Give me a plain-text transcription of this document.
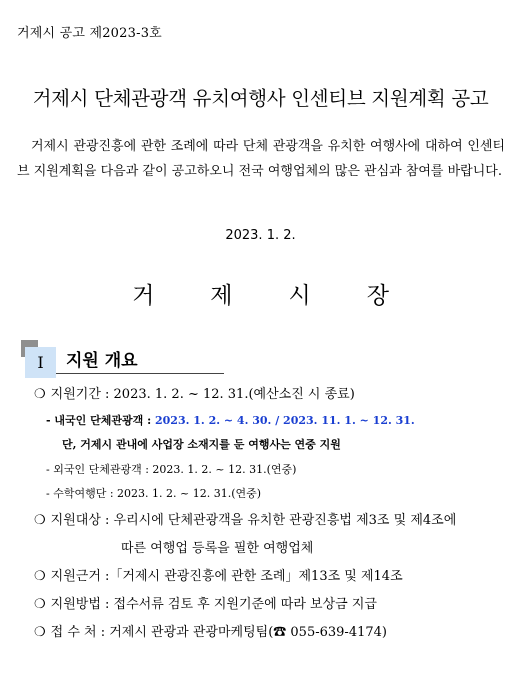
거제시 공고 제2023-3호
거제시 단체관광객 유치여행사 인센티브 지원계획 공고

거제시 관광진흥에 관한 조례에 따라 단체 관광객을 유치한 여행사에 대하여 인센티브 지원계획을 다음과 같이 공고하오니 전국 여행업체의 많은 관심과 참여를 바랍니다.

2023. 1. 2.
거제시장
I	지원 개요
❍ 지원기간 : 2023. 1. 2. ~ 12. 31.(예산소진 시 종료)
- 내국인 단체관광객 : 2023. 1. 2. ~ 4. 30. / 2023. 11. 1. ~ 12. 31.
단, 거제시 관내에 사업장 소재지를 둔 여행사는 연중 지원
- 외국인 단체관광객 : 2023. 1. 2. ~ 12. 31.(연중)
- 수학여행단 : 2023. 1. 2. ~ 12. 31.(연중)
❍ 지원대상 : 우리시에 단체관광객을 유치한 관광진흥법 제3조 및 제4조에
따른 여행업 등록을 필한 여행업체
❍ 지원근거 :「거제시 관광진흥에 관한 조례」제13조 및 제14조
❍ 지원방법 : 접수서류 검토 후 지원기준에 따라 보상금 지급
❍ 접 수 처 : 거제시 관광과 관광마케팅팀(☎ 055-639-4174)
